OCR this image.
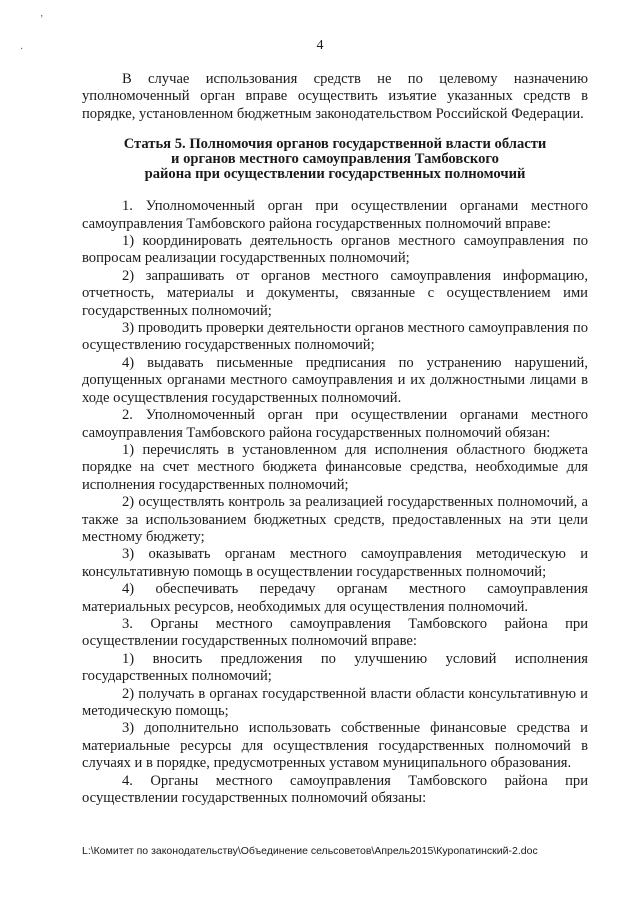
’
·	4

В случае использования средств не по целевому назначению уполномоченный орган вправе осуществить изъятие указанных средств в порядке, установленном бюджетным законодательством Российской Федерации.

Статья 5. Полномочия органов государственной власти области
и органов местного самоуправления Тамбовского
района при осуществлении государственных полномочий

1. Уполномоченный орган при осуществлении органами местного самоуправления Тамбовского района государственных полномочий вправе:

1) координировать деятельность органов местного самоуправления по вопросам реализации государственных полномочий;

2) запрашивать от органов местного самоуправления информацию, отчетность, материалы и документы, связанные с осуществлением ими государственных полномочий;

3) проводить проверки деятельности органов местного самоуправления по осуществлению государственных полномочий;

4) выдавать письменные предписания по устранению нарушений, допущенных органами местного самоуправления и их должностными лицами в ходе осуществления государственных полномочий.

2. Уполномоченный орган при осуществлении органами местного самоуправления Тамбовского района государственных полномочий обязан:

1) перечислять в установленном для исполнения областного бюджета порядке на счет местного бюджета финансовые средства, необходимые для исполнения государственных полномочий;

2) осуществлять контроль за реализацией государственных полномочий, а также за использованием бюджетных средств, предоставленных на эти цели местному бюджету;

3) оказывать органам местного самоуправления методическую и консультативную помощь в осуществлении государственных полномочий;

4) обеспечивать передачу органам местного самоуправления материальных ресурсов, необходимых для осуществления полномочий.

3. Органы местного самоуправления Тамбовского района при осуществлении государственных полномочий вправе:

1) вносить предложения по улучшению условий исполнения государственных полномочий;

2) получать в органах государственной власти области консультативную и методическую помощь;

3) дополнительно использовать собственные финансовые средства и материальные ресурсы для осуществления государственных полномочий в случаях и в порядке, предусмотренных уставом муниципального образования.

4. Органы местного самоуправления Тамбовского района при осуществлении государственных полномочий обязаны:

L:\Комитет по законодательству\Объединение сельсоветов\Апрель2015\Куропатинский-2.doc
